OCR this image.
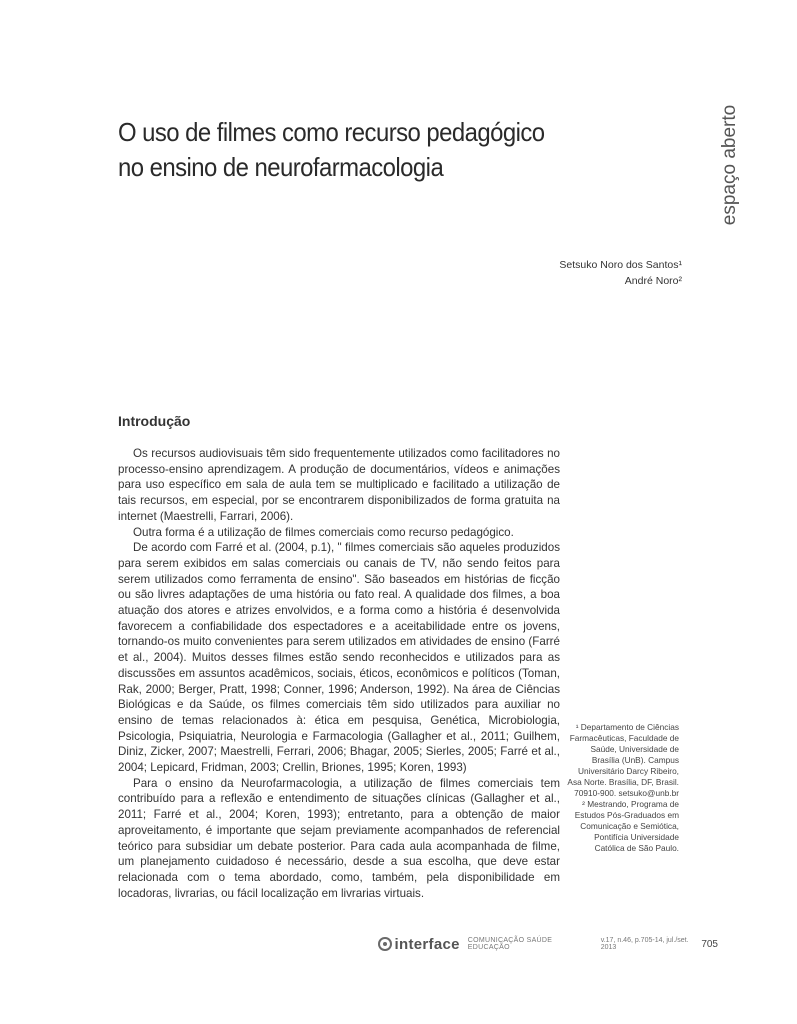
O uso de filmes como recurso pedagógico
no ensino de neurofarmacologia	espaço aberto
Setsuko Noro dos Santos¹
André Noro²
Introdução

Os recursos audiovisuais têm sido frequentemente utilizados como facilitadores no processo-ensino aprendizagem. A produção de documentários, vídeos e animações para uso específico em sala de aula tem se multiplicado e facilitado a utilização de tais recursos, em especial, por se encontrarem disponibilizados de forma gratuita na internet (Maestrelli, Farrari, 2006).

Outra forma é a utilização de filmes comerciais como recurso pedagógico.

De acordo com Farré et al. (2004, p.1), " filmes comerciais são aqueles produzidos para serem exibidos em salas comerciais ou canais de TV, não sendo feitos para serem utilizados como ferramenta de ensino". São baseados em histórias de ficção ou são livres adaptações de uma história ou fato real. A qualidade dos filmes, a boa atuação dos atores e atrizes envolvidos, e a forma como a história é desenvolvida favorecem a confiabilidade dos espectadores e a aceitabilidade entre os jovens, tornando-os muito convenientes para serem utilizados em atividades de ensino (Farré et al., 2004). Muitos desses filmes estão sendo reconhecidos e utilizados para as discussões em assuntos acadêmicos, sociais, éticos, econômicos e políticos (Toman, Rak, 2000; Berger, Pratt, 1998; Conner, 1996; Anderson, 1992). Na área de Ciências Biológicas e da Saúde, os filmes comerciais têm sido utilizados para auxiliar no ensino de temas relacionados à: ética em pesquisa, Genética, Microbiologia, Psicologia, Psiquiatria, Neurologia e Farmacologia (Gallagher et al., 2011; Guilhem, Diniz, Zicker, 2007; Maestrelli, Ferrari, 2006; Bhagar, 2005; Sierles, 2005; Farré et al., 2004; Lepicard, Fridman, 2003; Crellin, Briones, 1995; Koren, 1993)

Para o ensino da Neurofarmacologia, a utilização de filmes comerciais tem contribuído para a reflexão e entendimento de situações clínicas (Gallagher et al., 2011; Farré et al., 2004; Koren, 1993); entretanto, para a obtenção de maior aproveitamento, é importante que sejam previamente acompanhados de referencial teórico para subsidiar um debate posterior. Para cada aula acompanhada de filme, um planejamento cuidadoso é necessário, desde a sua escolha, que deve estar relacionada com o tema abordado, como, também, pela disponibilidade em locadoras, livrarias, ou fácil localização em livrarias virtuais.

¹ Departamento de Ciências Farmacêuticas, Faculdade de Saúde, Universidade de Brasília (UnB). Campus Universitário Darcy Ribeiro, Asa Norte. Brasília, DF, Brasil. 70910-900. setsuko@unb.br

² Mestrando, Programa de Estudos Pós-Graduados em Comunicação e Semiótica, Pontifícia Universidade Católica de São Paulo.

interface COMUNICAÇÃO SAÚDE EDUCAÇÃO
v.17, n.46, p.705-14, jul./set. 2013	705
